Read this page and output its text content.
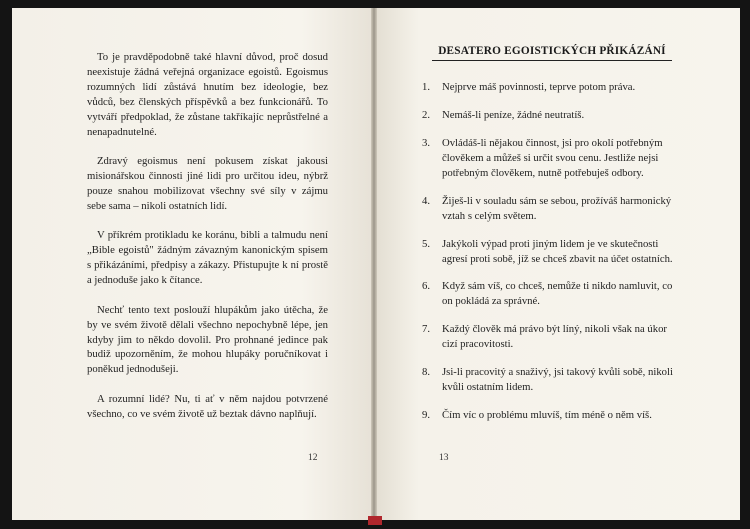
To je pravděpodobně také hlavní důvod, proč dosud neexistuje žádná veřejná organizace egoistů. Egoismus rozumných lidí zůstává hnutím bez ideologie, bez vůdců, bez členských příspěvků a bez funkcionářů. To vytváří předpoklad, že zůstane takříkajíc neprůstřelné a nenapadnutelné.

Zdravý egoismus není pokusem získat jakousi misionářskou činnosti jiné lidi pro určitou ideu, nýbrž pouze snahou mobilizovat všechny své síly v zájmu sebe sama – nikoli ostatních lidí.

V příkrém protikladu ke koránu, bibli a talmudu není „Bible egoistů" žádným závazným kanonickým spisem s přikázáními, předpisy a zákazy. Přistupujte k ní prostě a jednoduše jako k čítance.

Nechť tento text poslouží hlupákům jako útěcha, že by ve svém životě dělali všechno nepochybně lépe, jen kdyby jim to někdo dovolil. Pro prohnané jedince pak budiž upozorněním, že mohou hlupáky poručníkovat i poněkud jednodušeji.

A rozumní lidé? Nu, ti ať v něm najdou potvrzené všechno, co ve svém životě už beztak dávno naplňují.

12
DESATERO EGOISTICKÝCH PŘIKÁZÁNÍ
1. Nejprve máš povinnosti, teprve potom práva.
2. Nemáš-li peníze, žádné neutratíš.
3. Ovládáš-li nějakou činnost, jsi pro okolí potřebným člověkem a můžeš si určit svou cenu. Jestliže nejsi potřebným člověkem, nutně potřebuješ odbory.
4. Žiješ-li v souladu sám se sebou, prožíváš harmonický vztah s celým světem.
5. Jakýkoli výpad proti jiným lidem je ve skutečnosti agresí proti sobě, jíž se chceš zbavit na účet ostatních.
6. Když sám víš, co chceš, nemůže ti nikdo namluvit, co on pokládá za správné.
7. Každý člověk má právo být líný, nikoli však na úkor cizí pracovitosti.
8. Jsi-li pracovitý a snaživý, jsi takový kvůli sobě, nikoli kvůli ostatním lidem.
9. Čím víc o problému mluvíš, tím méně o něm víš.
13
